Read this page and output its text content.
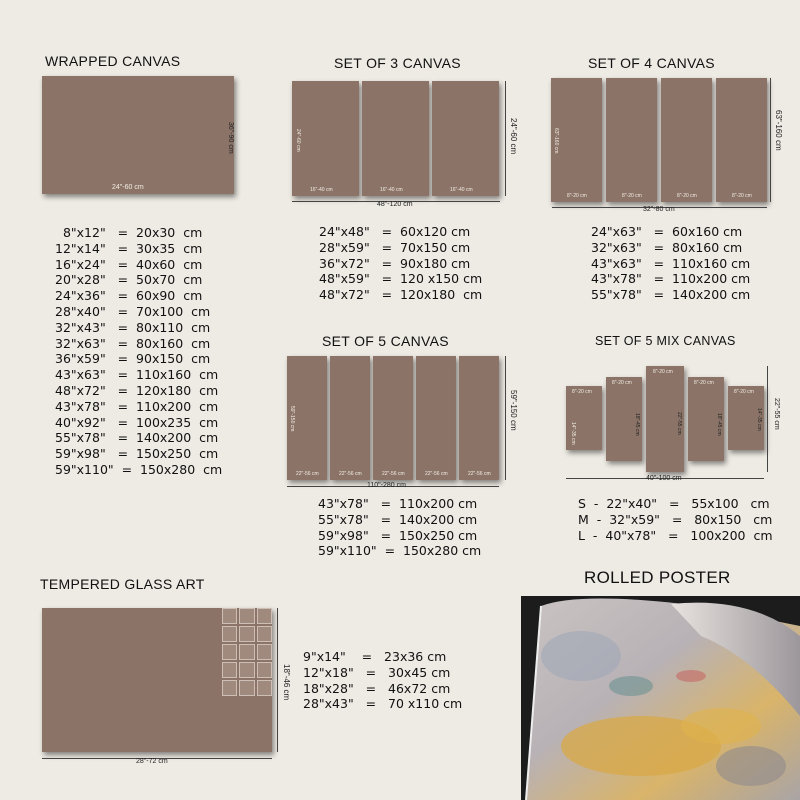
WRAPPED CANVAS
24"-60 cm
36"-90 cm
8"x12"   =  20x30  cm
12"x14"   =  30x35  cm
16"x24"   =  40x60  cm
20"x28"   =  50x70  cm
24"x36"   =  60x90  cm
28"x40"   =  70x100  cm
32"x43"   =  80x110  cm
32"x63"   =  80x160  cm
36"x59"   =  90x150  cm
43"x63"   =  110x160  cm
48"x72"   =  120x180  cm
43"x78"   =  110x200  cm
40"x92"   =  100x235  cm
55"x78"   =  140x200  cm
59"x98"   =  150x250  cm
59"x110"  =  150x280  cm
SET OF 3 CANVAS
24"-60 cm
16"-40 cm	16"-40 cm	16"-40 cm
48"-120 cm
24"-60 cm
24"x48"   =  60x120 cm
28"x59"   =  70x150 cm
36"x72"   =  90x180 cm
48"x59"   =  120 x150 cm
48"x72"   =  120x180  cm
SET OF 4 CANVAS
63"-160 cm
8"-20 cm	8"-20 cm	8"-20 cm	8"-20 cm
32"-80 cm
63"-160 cm
24"x63"   =  60x160 cm
32"x63"   =  80x160 cm
43"x63"   =  110x160 cm
43"x78"   =  110x200 cm
55"x78"   =  140x200 cm
SET OF 5 CANVAS
59"-150 cm
22"-56 cm	22"-56 cm	22"-56 cm	22"-56 cm	22"-56 cm
110"-280 cm
59"-150 cm
43"x78"   =  110x200 cm
55"x78"   =  140x200 cm
59"x98"   =  150x250 cm
59"x110"  =  150x280 cm
SET OF 5 MIX CANVAS
8"-20 cm
14"-35 cm
8"-20 cm
18"-45 cm
8"-20 cm
22"-55 cm
8"-20 cm
18"-45 cm
8"-20 cm
14"-35 cm
40"-100 cm
22"-55 cm
S  -  22"x40"   =   55x100   cm
M  -  32"x59"   =   80x150   cm
L  -  40"x78"   =   100x200  cm
TEMPERED GLASS ART
28"-72 cm
18"-46 cm
9"x14"    =   23x36 cm
12"x18"   =   30x45 cm
18"x28"   =   46x72 cm
28"x43"   =   70 x110 cm
ROLLED POSTER
